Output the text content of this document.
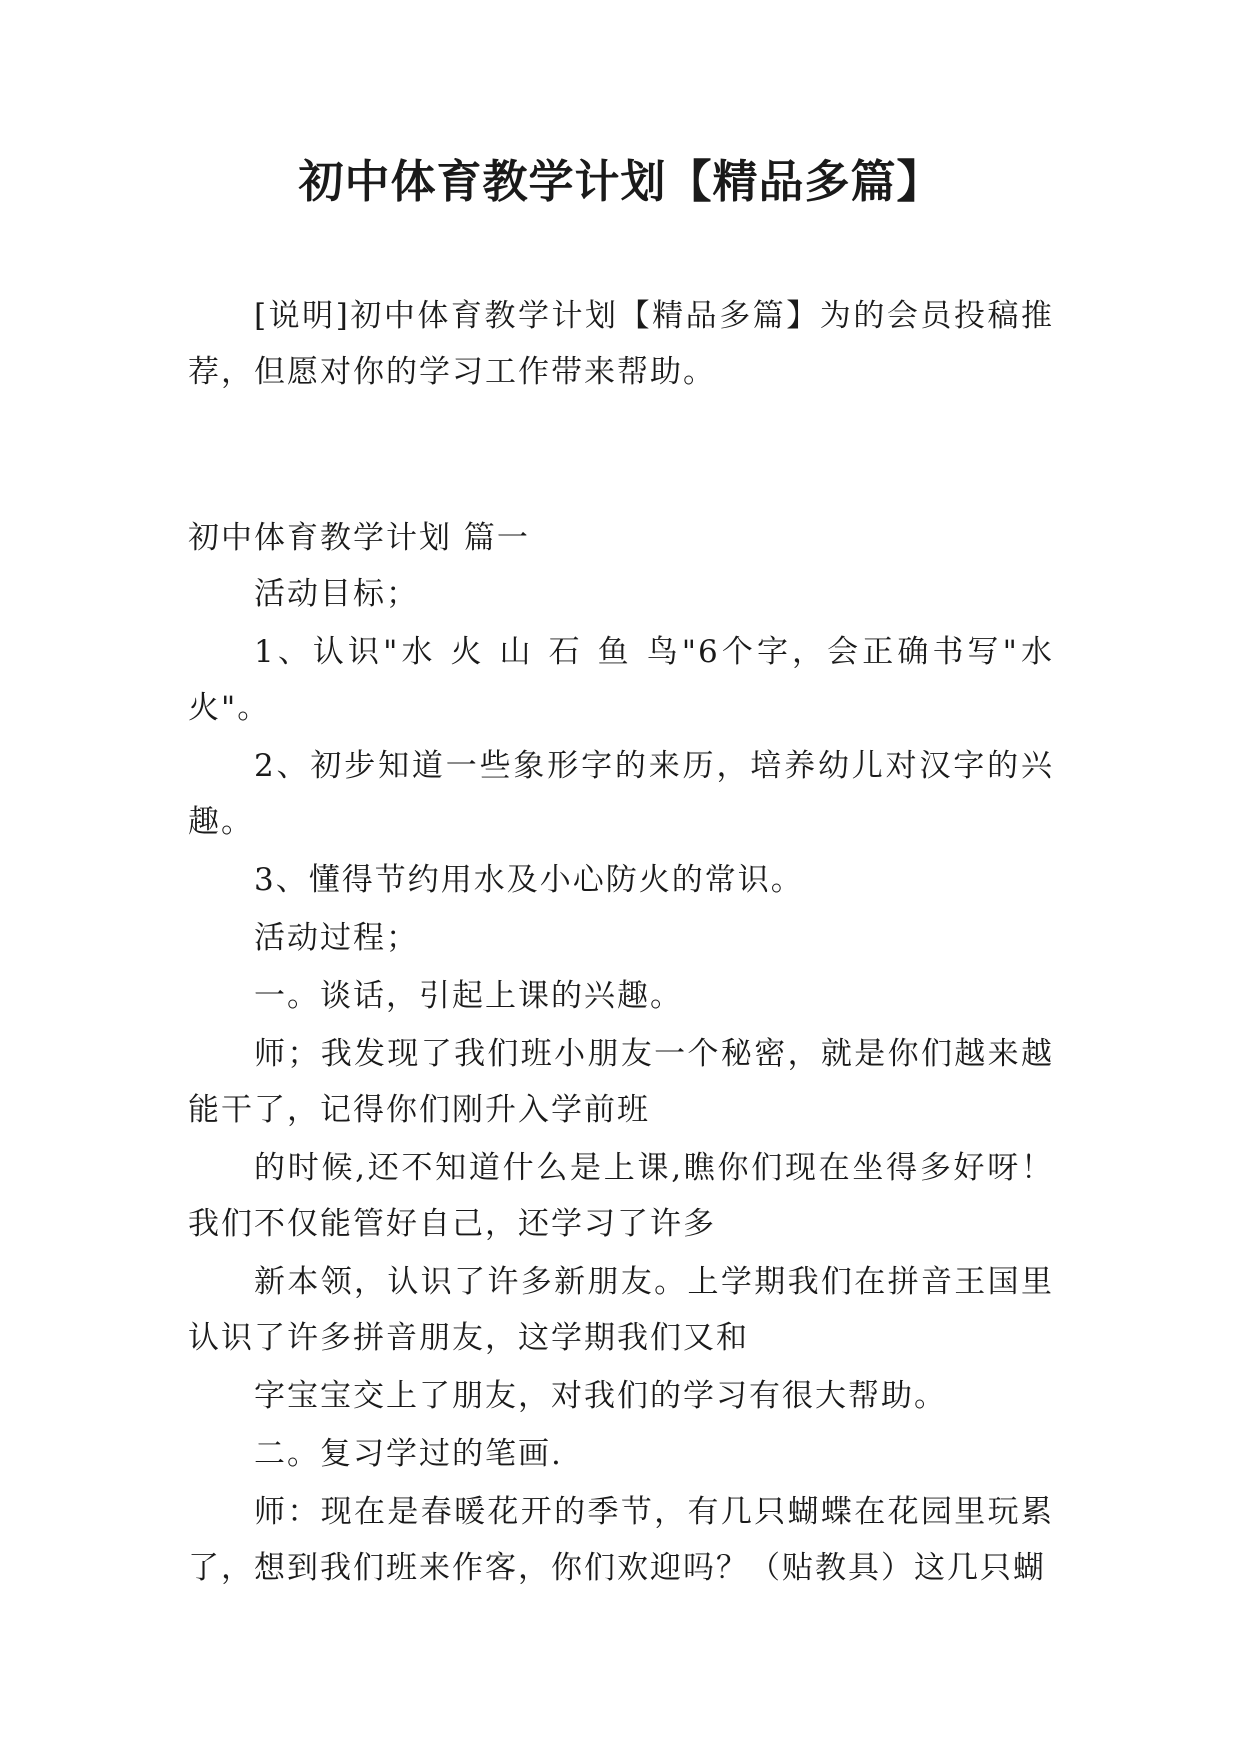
初中体育教学计划【精品多篇】

[说明]初中体育教学计划【精品多篇】为的会员投稿推荐，但愿对你的学习工作带来帮助。

初中体育教学计划 篇一

活动目标；

1、认识"水 火 山 石 鱼 鸟"6个字，会正确书写"水火"。

2、初步知道一些象形字的来历，培养幼儿对汉字的兴趣。

3、懂得节约用水及小心防火的常识。

活动过程；

一。谈话，引起上课的兴趣。

师；我发现了我们班小朋友一个秘密，就是你们越来越能干了，记得你们刚升入学前班

的时候,还不知道什么是上课,瞧你们现在坐得多好呀！我们不仅能管好自己，还学习了许多

新本领，认识了许多新朋友。上学期我们在拼音王国里认识了许多拼音朋友，这学期我们又和

字宝宝交上了朋友，对我们的学习有很大帮助。

二。复习学过的笔画.

师：现在是春暖花开的季节，有几只蝴蝶在花园里玩累了，想到我们班来作客，你们欢迎吗？（贴教具）这几只蝴
